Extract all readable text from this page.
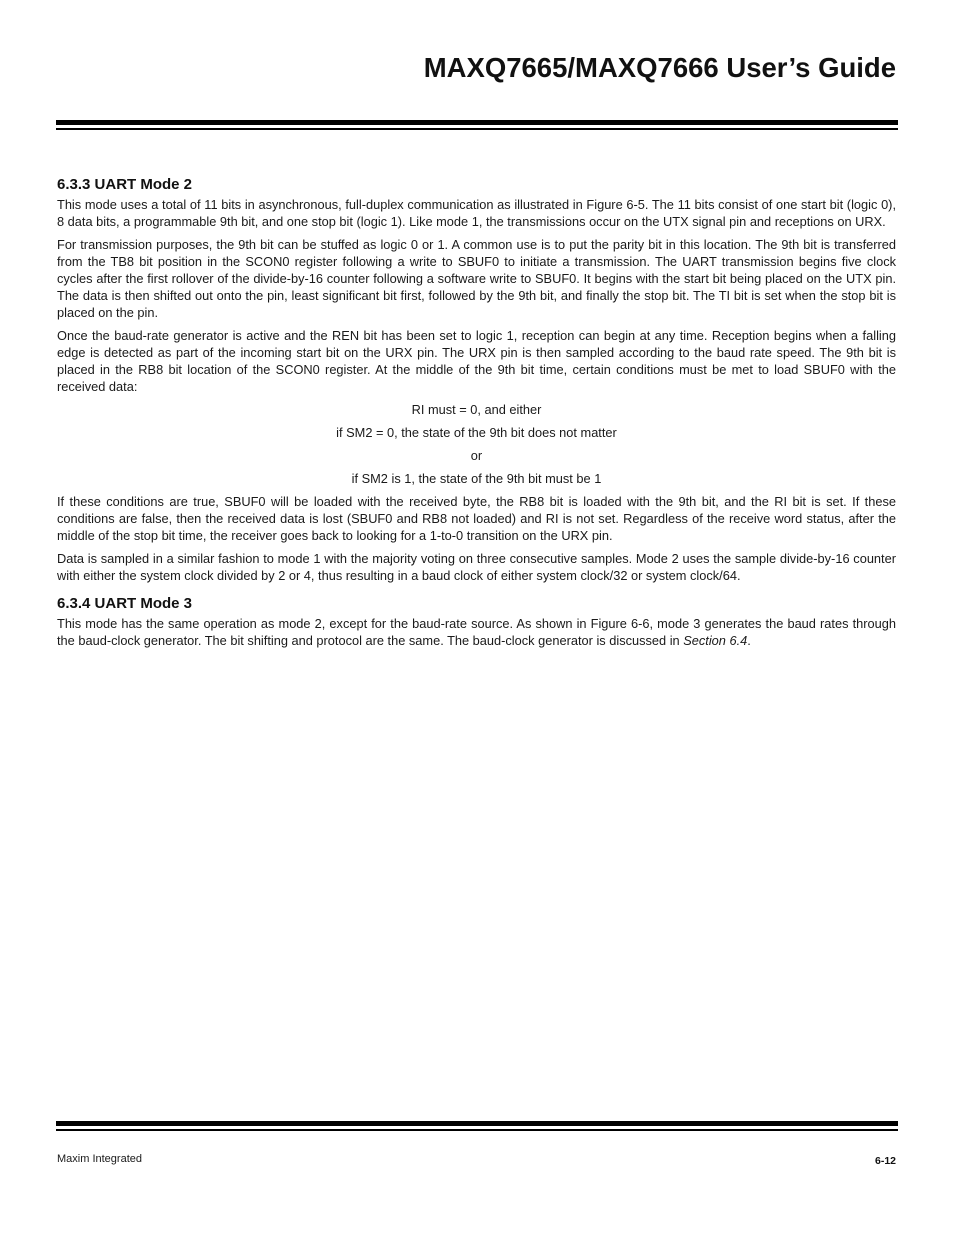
MAXQ7665/MAXQ7666 User’s Guide
6.3.3 UART Mode 2

This mode uses a total of 11 bits in asynchronous, full-duplex communication as illustrated in Figure 6-5. The 11 bits consist of one start bit (logic 0), 8 data bits, a programmable 9th bit, and one stop bit (logic 1). Like mode 1, the transmissions occur on the UTX signal pin and receptions on URX.

For transmission purposes, the 9th bit can be stuffed as logic 0 or 1. A common use is to put the parity bit in this location. The 9th bit is transferred from the TB8 bit position in the SCON0 register following a write to SBUF0 to initiate a transmission. The UART transmission begins five clock cycles after the first rollover of the divide-by-16 counter following a software write to SBUF0. It begins with the start bit being placed on the UTX pin. The data is then shifted out onto the pin, least significant bit first, followed by the 9th bit, and finally the stop bit. The TI bit is set when the stop bit is placed on the pin.

Once the baud-rate generator is active and the REN bit has been set to logic 1, reception can begin at any time. Reception begins when a falling edge is detected as part of the incoming start bit on the URX pin. The URX pin is then sampled according to the baud rate speed. The 9th bit is placed in the RB8 bit location of the SCON0 register. At the middle of the 9th bit time, certain conditions must be met to load SBUF0 with the received data:

RI must = 0, and either

if SM2 = 0, the state of the 9th bit does not matter

or

if SM2 is 1, the state of the 9th bit must be 1

If these conditions are true, SBUF0 will be loaded with the received byte, the RB8 bit is loaded with the 9th bit, and the RI bit is set. If these conditions are false, then the received data is lost (SBUF0 and RB8 not loaded) and RI is not set. Regardless of the receive word status, after the middle of the stop bit time, the receiver goes back to looking for a 1-to-0 transition on the URX pin.

Data is sampled in a similar fashion to mode 1 with the majority voting on three consecutive samples. Mode 2 uses the sample divide-by-16 counter with either the system clock divided by 2 or 4, thus resulting in a baud clock of either system clock/32 or system clock/64.

6.3.4 UART Mode 3

This mode has the same operation as mode 2, except for the baud-rate source. As shown in Figure 6-6, mode 3 generates the baud rates through the baud-clock generator. The bit shifting and protocol are the same. The baud-clock generator is discussed in Section 6.4.

Maxim Integrated	6-12
